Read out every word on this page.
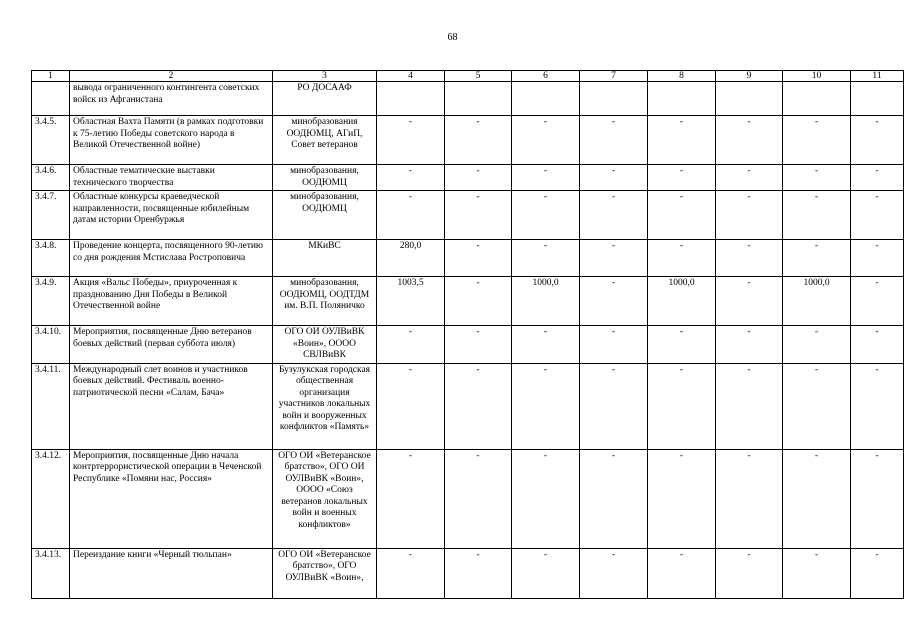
68
1	2	3	4	5	6	7	8	9	10	11
	вывода ограниченного контингента советских войск из Афганистана	РО ДОСААФ								
3.4.5.	Областная Вахта Памяти (в рамках подготовки к 75-летию Победы советского народа в Великой Отечественной войне)	минобразования ООДЮМЦ, АГиП, Совет ветеранов	-	-	-	-	-	-	-	-
3.4.6.	Областные тематические выставки технического творчества	минобразования, ООДЮМЦ	-	-	-	-	-	-	-	-
3.4.7.	Областные конкурсы краеведческой направленности, посвященные юбилейным датам истории Оренбуржья	минобразования, ООДЮМЦ	-	-	-	-	-	-	-	-
3.4.8.	Проведение концерта, посвященного 90-летию со дня рождения Мстислава Ростроповича	МКиВС	280,0	-	-	-	-	-	-	-
3.4.9.	Акция «Вальс Победы», приуроченная к празднованию Дня Победы в Великой Отечественной войне	минобразования, ООДЮМЦ, ООДТДМ им. В.П. Поляничко	1003,5	-	1000,0	-	1000,0	-	1000,0	-
3.4.10.	Мероприятия, посвященные Дню ветеранов боевых действий (первая суббота июля)	ОГО ОИ ОУЛВиВК «Воин», ОООО СВЛВиВК	-	-	-	-	-	-	-	-
3.4.11.	Международный слет воинов и участников боевых действий. Фестиваль военно-патриотической песни «Салам, Бача»	Бузулукская городская общественная организация участников локальных войн и вооруженных конфликтов «Память»	-	-	-	-	-	-	-	-
3.4.12.	Мероприятия, посвященные Дню начала контртеррористической операции в Чеченской Республике «Помяни нас, Россия»	ОГО ОИ «Ветеранское братство», ОГО ОИ ОУЛВиВК «Воин», ОООО «Союз ветеранов локальных войн и военных конфликтов»	-	-	-	-	-	-	-	-
3.4.13.	Переиздание книги «Черный тюльпан»	ОГО ОИ «Ветеранское братство», ОГО ОУЛВиВК «Воин»,	-	-	-	-	-	-	-	-
